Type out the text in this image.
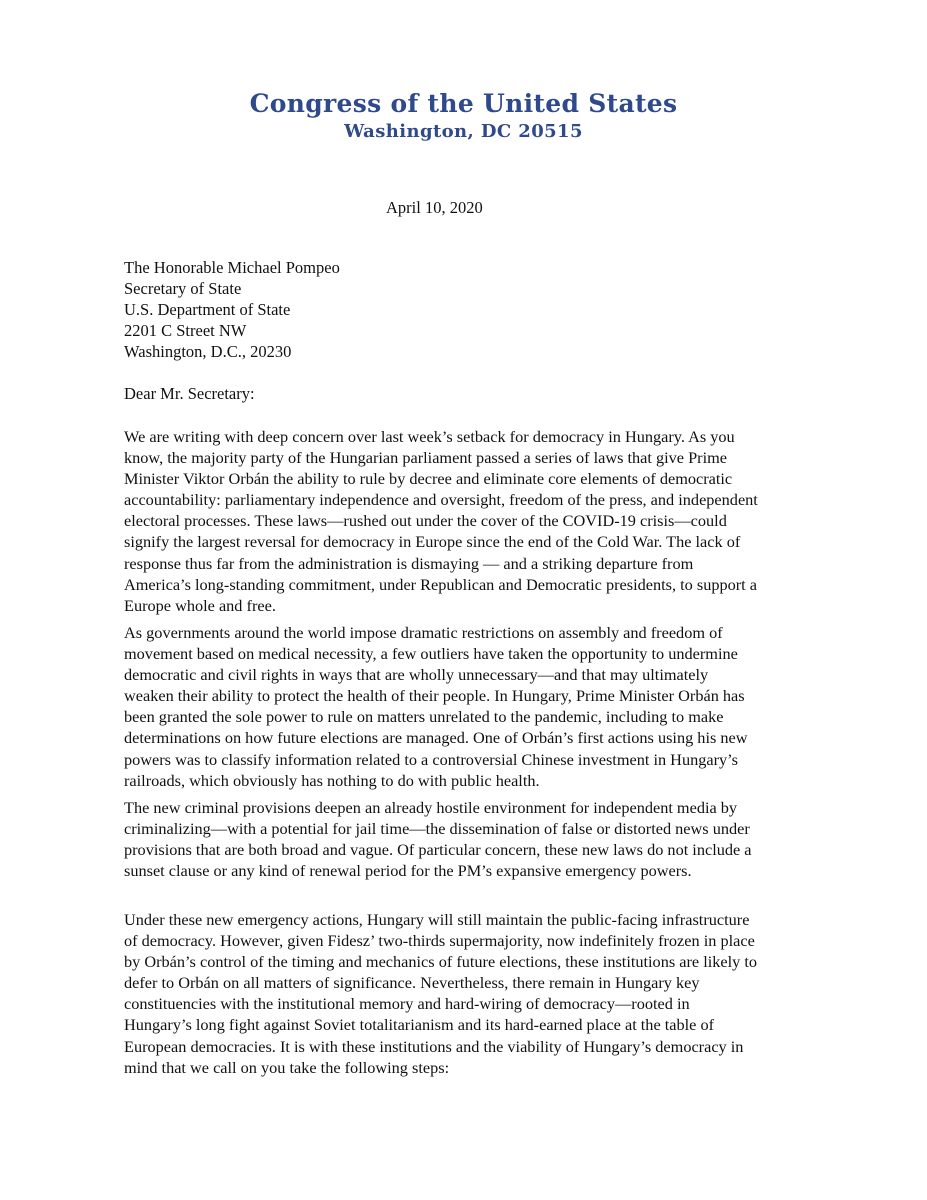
Congress of the United States
Washington, DC 20515
April 10, 2020
The Honorable Michael Pompeo
Secretary of State
U.S. Department of State
2201 C Street NW
Washington, D.C., 20230
Dear Mr. Secretary:
We are writing with deep concern over last week’s setback for democracy in Hungary. As you
know, the majority party of the Hungarian parliament passed a series of laws that give Prime
Minister Viktor Orbán the ability to rule by decree and eliminate core elements of democratic
accountability: parliamentary independence and oversight, freedom of the press, and independent
electoral processes. These laws—rushed out under the cover of the COVID-19 crisis—could
signify the largest reversal for democracy in Europe since the end of the Cold War. The lack of
response thus far from the administration is dismaying — and a striking departure from
America’s long-standing commitment, under Republican and Democratic presidents, to support a
Europe whole and free.
As governments around the world impose dramatic restrictions on assembly and freedom of
movement based on medical necessity, a few outliers have taken the opportunity to undermine
democratic and civil rights in ways that are wholly unnecessary—and that may ultimately
weaken their ability to protect the health of their people. In Hungary, Prime Minister Orbán has
been granted the sole power to rule on matters unrelated to the pandemic, including to make
determinations on how future elections are managed. One of Orbán’s first actions using his new
powers was to classify information related to a controversial Chinese investment in Hungary’s
railroads, which obviously has nothing to do with public health.
The new criminal provisions deepen an already hostile environment for independent media by
criminalizing—with a potential for jail time—the dissemination of false or distorted news under
provisions that are both broad and vague. Of particular concern, these new laws do not include a
sunset clause or any kind of renewal period for the PM’s expansive emergency powers.
Under these new emergency actions, Hungary will still maintain the public-facing infrastructure
of democracy. However, given Fidesz’ two-thirds supermajority, now indefinitely frozen in place
by Orbán’s control of the timing and mechanics of future elections, these institutions are likely to
defer to Orbán on all matters of significance. Nevertheless, there remain in Hungary key
constituencies with the institutional memory and hard-wiring of democracy—rooted in
Hungary’s long fight against Soviet totalitarianism and its hard-earned place at the table of
European democracies. It is with these institutions and the viability of Hungary’s democracy in
mind that we call on you take the following steps:
